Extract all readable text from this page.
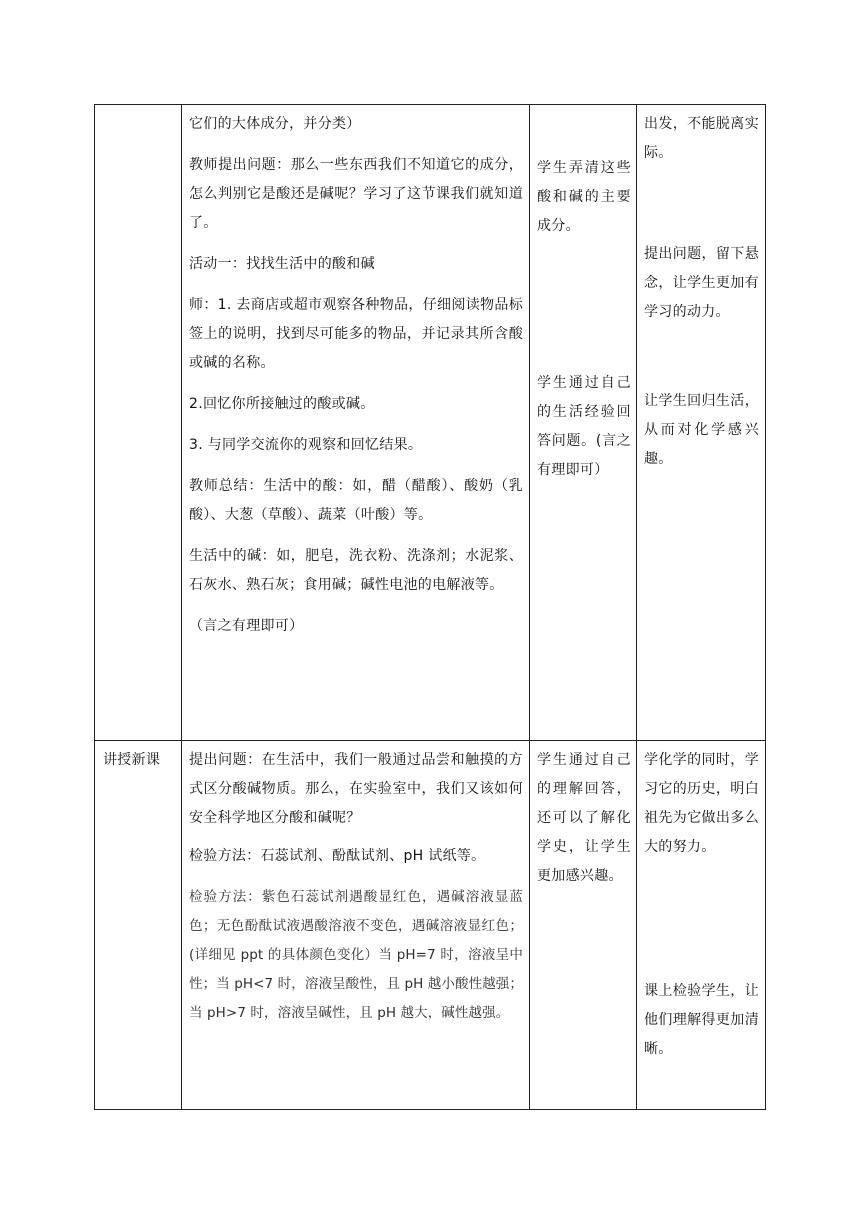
它们的大体成分，并分类）

教师提出问题：那么一些东西我们不知道它的成分，怎么判别它是酸还是碱呢？学习了这节课我们就知道了。

活动一：找找生活中的酸和碱

师：1. 去商店或超市观察各种物品，仔细阅读物品标签上的说明，找到尽可能多的物品，并记录其所含酸或碱的名称。

2.回忆你所接触过的酸或碱。

3. 与同学交流你的观察和回忆结果。

教师总结：生活中的酸：如，醋（醋酸）、酸奶（乳酸）、大葱（草酸）、蔬菜（叶酸）等。

生活中的碱：如，肥皂，洗衣粉、洗涤剂；水泥浆、石灰水、熟石灰；食用碱；碱性电池的电解液等。

（言之有理即可）

学生弄清这些酸和碱的主要成分。

学生通过自己的生活经验回答问题。(言之有理即可）

出发，不能脱离实际。

提出问题，留下悬念，让学生更加有学习的动力。

让学生回归生活，从而对化学感兴趣。

讲授新课	提出问题：在生活中，我们一般通过品尝和触摸的方式区分酸碱物质。那么，在实验室中，我们又该如何安全科学地区分酸和碱呢？

检验方法：石蕊试剂、酚酞试剂、pH 试纸等。

检验方法：紫色石蕊试剂遇酸显红色，遇碱溶液显蓝色；无色酚酞试液遇酸溶液不变色，遇碱溶液显红色；(详细见 ppt 的具体颜色变化）当 pH=7 时，溶液呈中性；当 pH<7 时，溶液呈酸性，且 pH 越小酸性越强；当 pH>7 时，溶液呈碱性，且 pH 越大，碱性越强。

学生通过自己的理解回答，还可以了解化学史，让学生更加感兴趣。

学化学的同时，学习它的历史，明白祖先为它做出多么大的努力。

课上检验学生，让他们理解得更加清晰。
